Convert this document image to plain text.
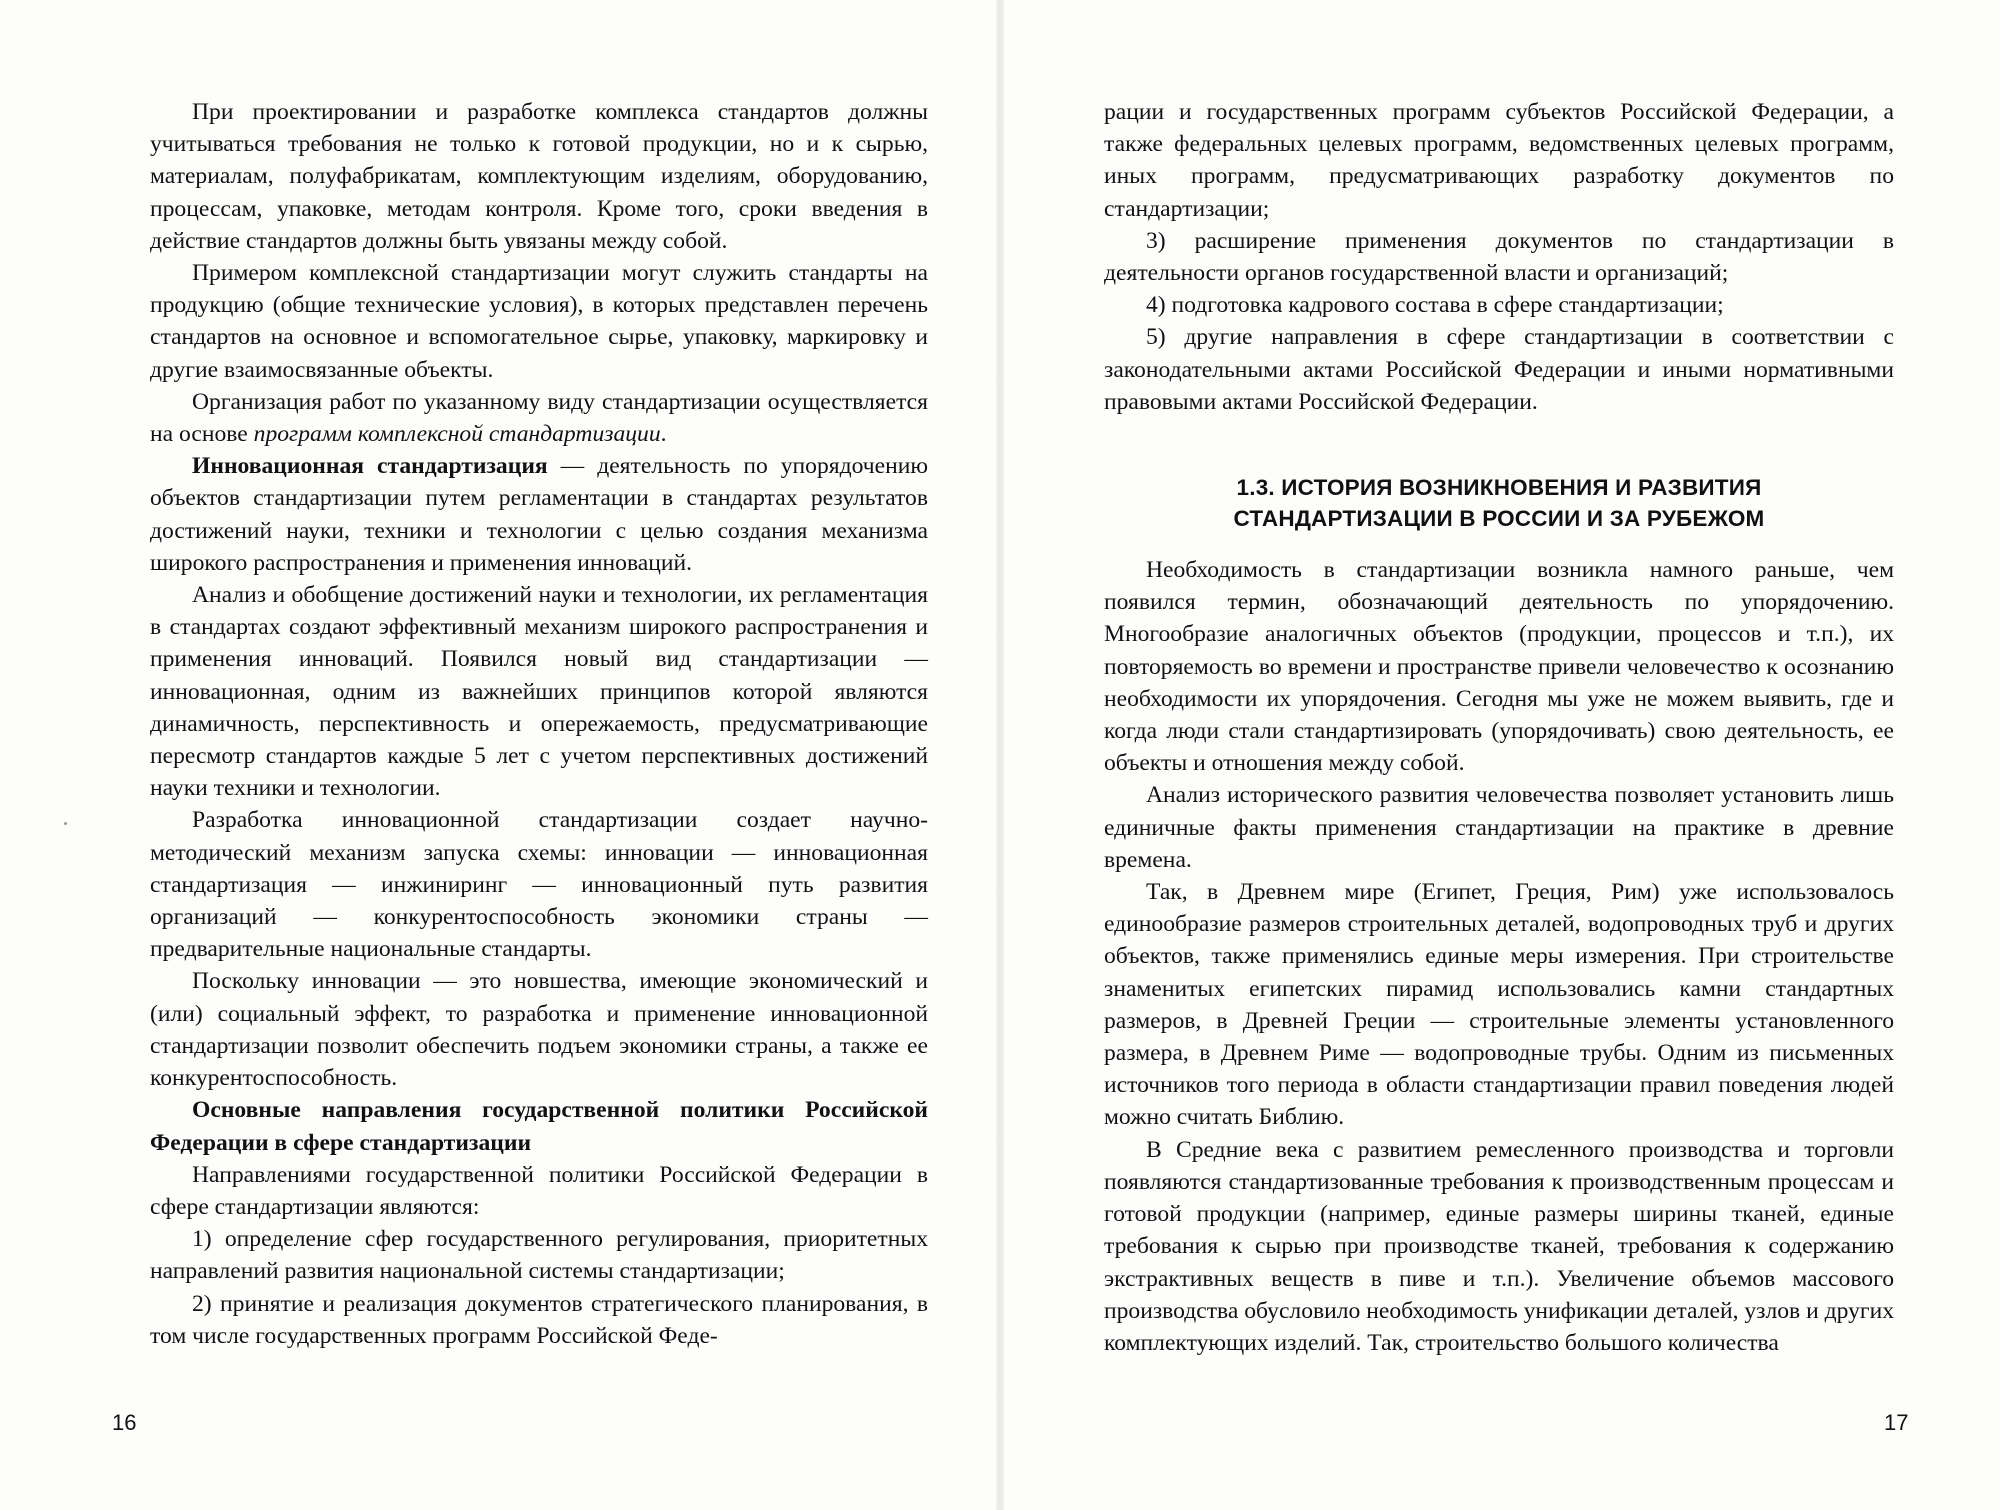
При проектировании и разработке комплекса стандартов должны учитываться требования не только к готовой продукции, но и к сырью, материалам, полуфабрикатам, комплектующим изделиям, оборудованию, процессам, упаковке, методам контроля. Кроме того, сроки введения в действие стандартов должны быть увязаны между собой.

Примером комплексной стандартизации могут служить стандарты на продукцию (общие технические условия), в которых представлен перечень стандартов на основное и вспомогательное сырье, упаковку, маркировку и другие взаимосвязанные объекты.

Организация работ по указанному виду стандартизации осуществляется на основе программ комплексной стандартизации.

Инновационная стандартизация — деятельность по упорядочению объектов стандартизации путем регламентации в стандартах результатов достижений науки, техники и технологии с целью создания механизма широкого распространения и применения инноваций.

Анализ и обобщение достижений науки и технологии, их регламентация в стандартах создают эффективный механизм широкого распространения и применения инноваций. Появился новый вид стандартизации — инновационная, одним из важнейших принципов которой являются динамичность, перспективность и опережаемость, предусматривающие пересмотр стандартов каждые 5 лет с учетом перспективных достижений науки техники и технологии.

Разработка инновационной стандартизации создает научно-методический механизм запуска схемы: инновации — инновационная стандартизация — инжиниринг — инновационный путь развития организаций — конкурентоспособность экономики страны — предварительные национальные стандарты.

Поскольку инновации — это новшества, имеющие экономический и (или) социальный эффект, то разработка и применение инновационной стандартизации позволит обеспечить подъем экономики страны, а также ее конкурентоспособность.

Основные направления государственной политики Российской Федерации в сфере стандартизации

Направлениями государственной политики Российской Федерации в сфере стандартизации являются:

1) определение сфер государственного регулирования, приоритетных направлений развития национальной системы стандартизации;

2) принятие и реализация документов стратегического планирования, в том числе государственных программ Российской Феде-

16

рации и государственных программ субъектов Российской Федерации, а также федеральных целевых программ, ведомственных целевых программ, иных программ, предусматривающих разработку документов по стандартизации;

3) расширение применения документов по стандартизации в деятельности органов государственной власти и организаций;

4) подготовка кадрового состава в сфере стандартизации;

5) другие направления в сфере стандартизации в соответствии с законодательными актами Российской Федерации и иными нормативными правовыми актами Российской Федерации.

1.3. ИСТОРИЯ ВОЗНИКНОВЕНИЯ И РАЗВИТИЯ
СТАНДАРТИЗАЦИИ В РОССИИ И ЗА РУБЕЖОМ

Необходимость в стандартизации возникла намного раньше, чем появился термин, обозначающий деятельность по упорядочению. Многообразие аналогичных объектов (продукции, процессов и т.п.), их повторяемость во времени и пространстве привели человечество к осознанию необходимости их упорядочения. Сегодня мы уже не можем выявить, где и когда люди стали стандартизировать (упорядочивать) свою деятельность, ее объекты и отношения между собой.

Анализ исторического развития человечества позволяет установить лишь единичные факты применения стандартизации на практике в древние времена.

Так, в Древнем мире (Египет, Греция, Рим) уже использовалось единообразие размеров строительных деталей, водопроводных труб и других объектов, также применялись единые меры измерения. При строительстве знаменитых египетских пирамид использовались камни стандартных размеров, в Древней Греции — строительные элементы установленного размера, в Древнем Риме — водопроводные трубы. Одним из письменных источников того периода в области стандартизации правил поведения людей можно считать Библию.

В Средние века с развитием ремесленного производства и торговли появляются стандартизованные требования к производственным процессам и готовой продукции (например, единые размеры ширины тканей, единые требования к сырью при производстве тканей, требования к содержанию экстрактивных веществ в пиве и т.п.). Увеличение объемов массового производства обусловило необходимость унификации деталей, узлов и других комплектующих изделий. Так, строительство большого количества

17
